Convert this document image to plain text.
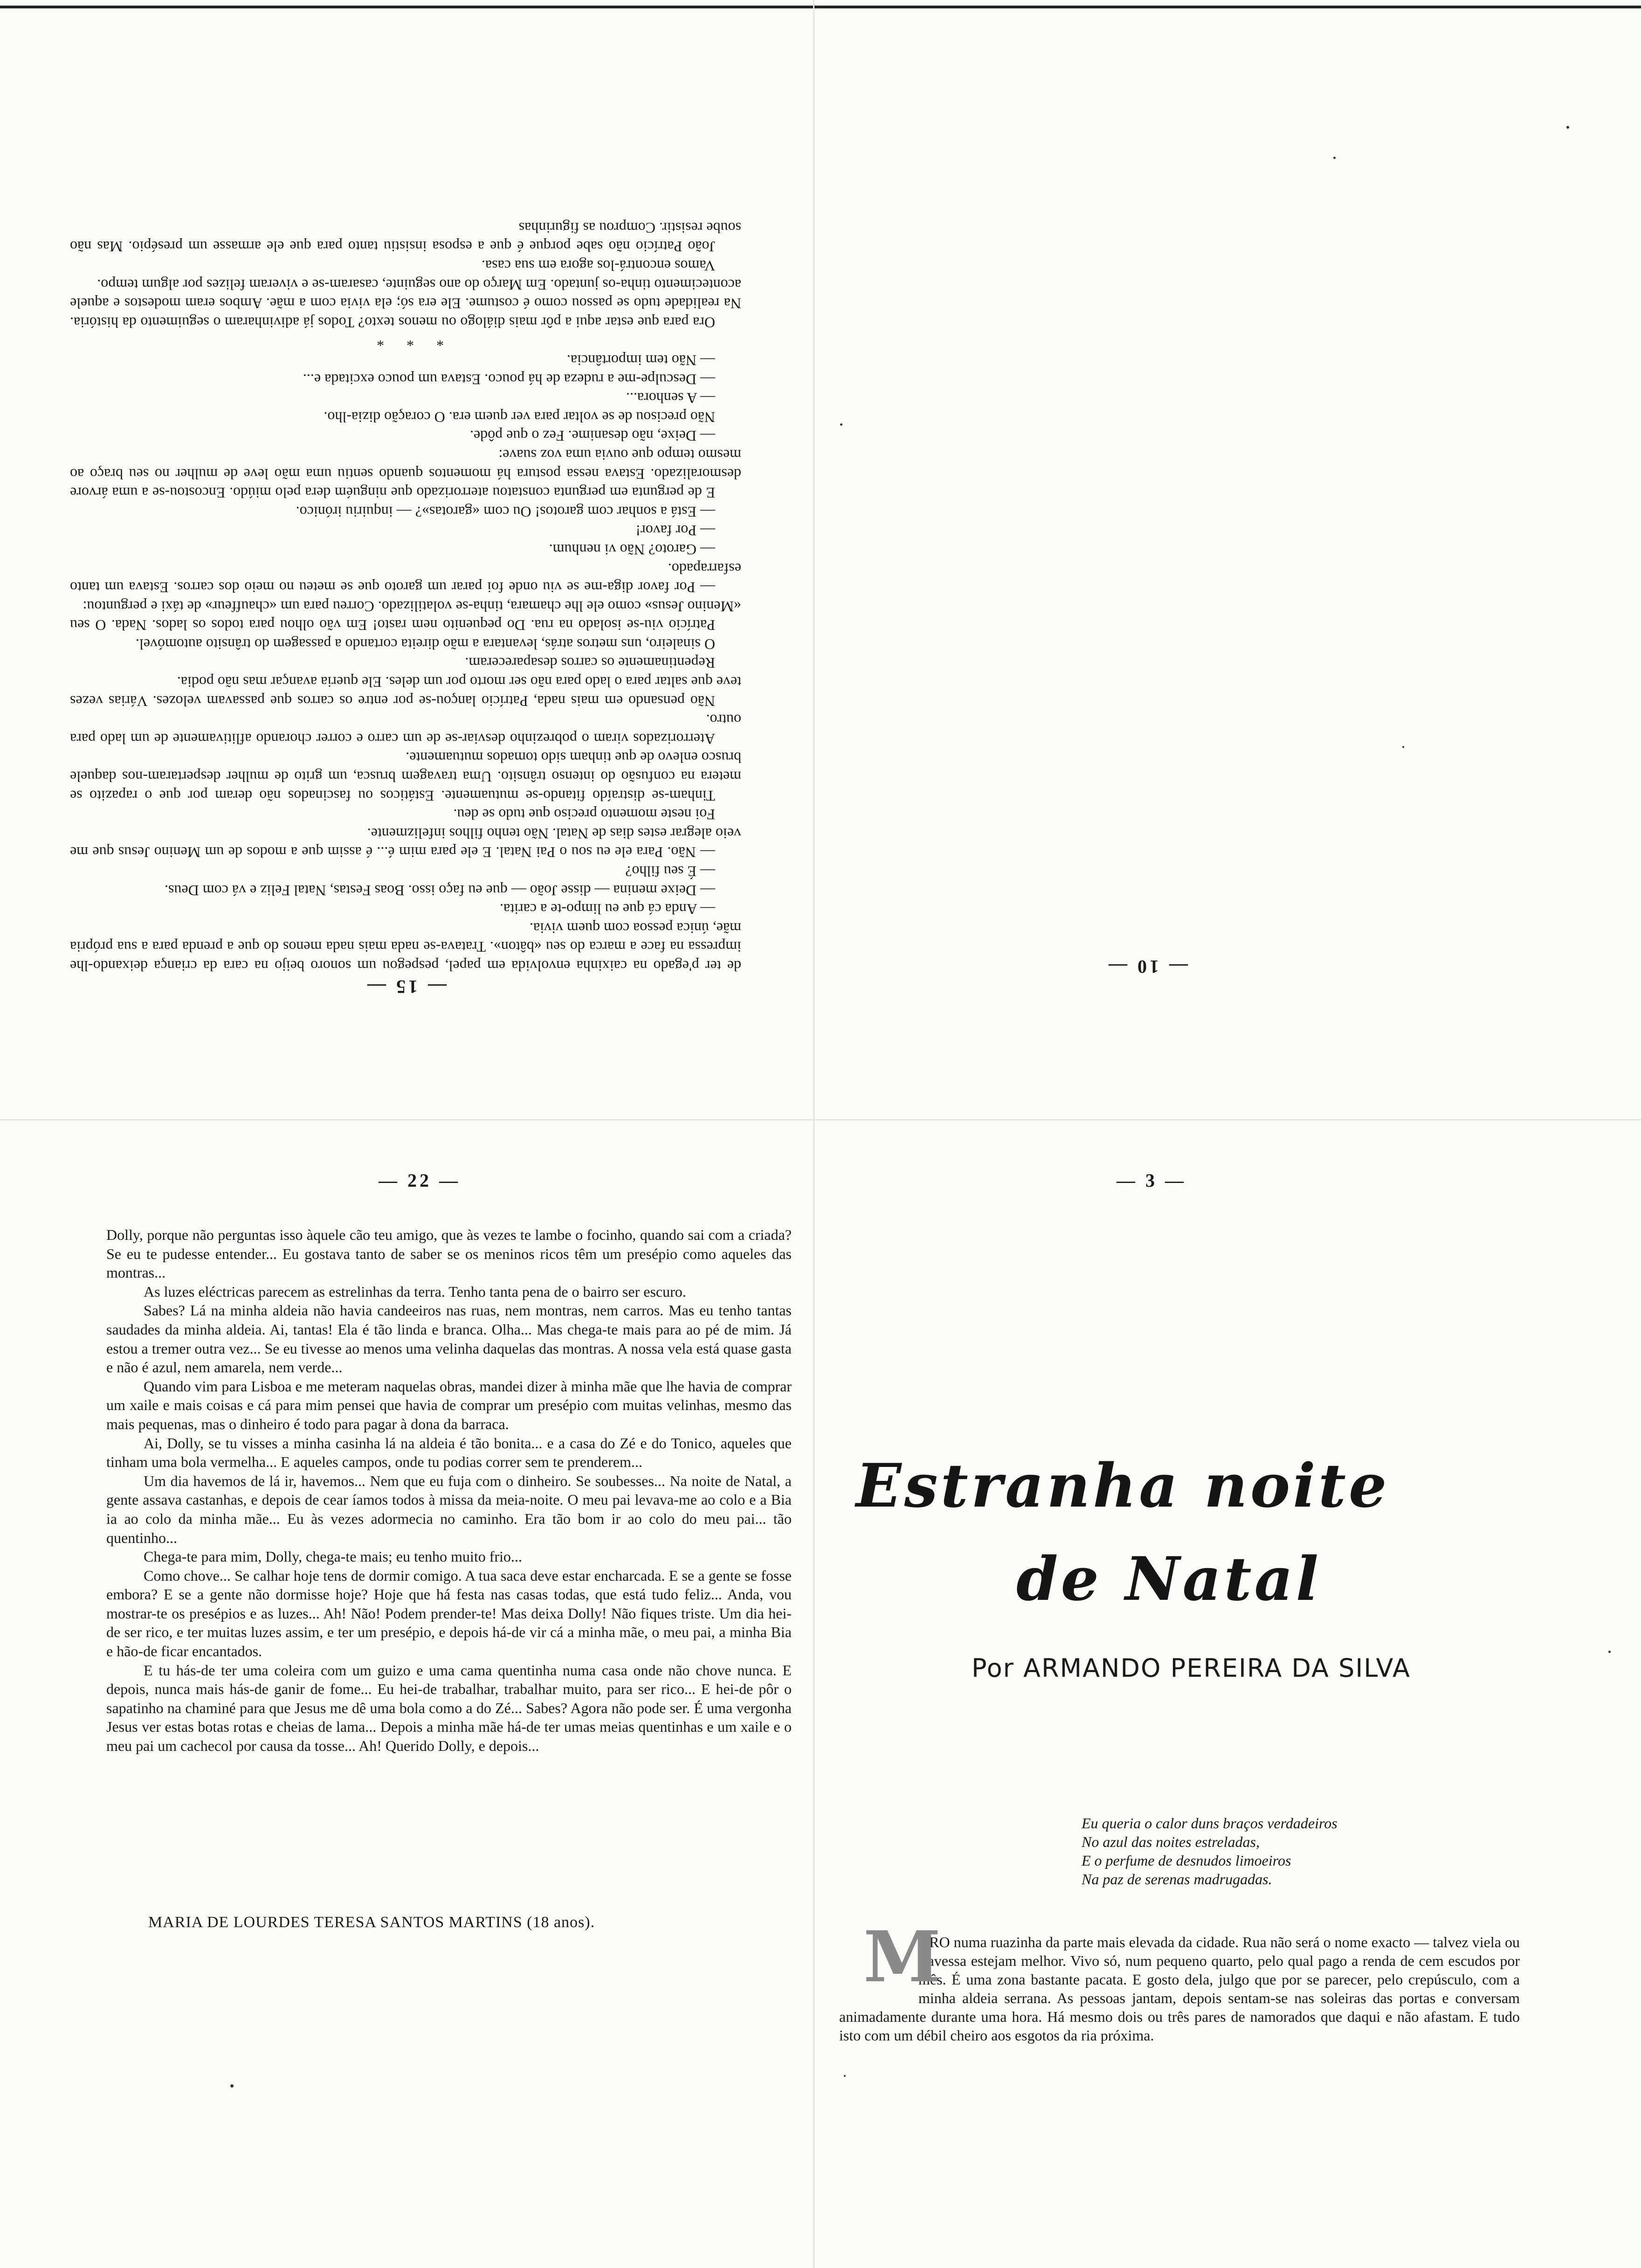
de ter p'egado na caixinha envolvida em papel, pespegou um sonoro beijo na cara da criança deixando-lhe impressa na face a marca do seu «bâton». Tratava-se nada mais nada menos do que a prenda para a sua própria mãe, única pessoa com quem vivia.

— Anda cá que eu limpo-te a carita.

— Deixe menina — disse João — que eu faço isso. Boas Festas, Natal Feliz e vá com Deus.

— É seu filho?

— Não. Para ele eu sou o Pai Natal. E ele para mim é... é assim que a modos de um Menino Jesus que me veio alegrar estes dias de Natal. Não tenho filhos infelizmente.

Foi neste momento preciso que tudo se deu.

Tinham-se distraído fitando-se mutuamente. Estáticos ou fascinados não deram por que o rapazito se metera na confusão do intenso trânsito. Uma travagem brusca, um grito de mulher despertaram-nos daquele brusco enlevo de que tinham sido tomados mutuamente.

Aterrorizados viram o pobrezinho desviar-se de um carro e correr chorando aflitivamente de um lado para outro.

Não pensando em mais nada, Patrício lançou-se por entre os carros que passavam velozes. Várias vezes teve que saltar para o lado para não ser morto por um deles. Ele queria avançar mas não podia.

Repentinamente os carros desapareceram.

O sinaleiro, uns metros atrás, levantara a mão direita cortando a passagem do trânsito automóvel.

Patrício viu-se isolado na rua. Do pequenito nem rasto! Em vão olhou para todos os lados. Nada. O seu «Menino Jesus» como ele lhe chamara, tinha-se volatilizado. Correu para um «chauffeur» de táxi e perguntou:

— Por favor diga-me se viu onde foi parar um garoto que se meteu no meio dos carros. Estava um tanto esfarrapado.

— Garoto? Não vi nenhum.

— Por favor!

— Está a sonhar com garotos! Ou com «garotas»? — inquiriu irónico.

E de pergunta em pergunta constatou aterrorizado que ninguém dera pelo miúdo. Encostou-se a uma árvore desmoralizado. Estava nessa postura há momentos quando sentiu uma mão leve de mulher no seu braço ao mesmo tempo que ouvia uma voz suave:

— Deixe, não desanime. Fez o que pôde.

Não precisou de se voltar para ver quem era. O coração dizia-lho.

— A senhora...

— Desculpe-me a rudeza de há pouco. Estava um pouco excitada e...

— Não tem importância.

* * *

Ora para que estar aqui a pôr mais diálogo ou menos texto? Todos já adivinharam o seguimento da história. Na realidade tudo se passou como é costume. Ele era só; ela vivia com a mãe. Ambos eram modestos e aquele acontecimento tinha-os juntado. Em Março do ano seguinte, casaram-se e viveram felizes por algum tempo.

Vamos encontrá-los agora em sua casa.

João Patrício não sabe porque é que a esposa insistiu tanto para que ele armasse um presépio. Mas não soube resistir. Comprou as figurinhas

— 15 —
— 10 —
— 22 —

Dolly, porque não perguntas isso àquele cão teu amigo, que às vezes te lambe o focinho, quando sai com a criada? Se eu te pudesse entender... Eu gostava tanto de saber se os meninos ricos têm um presépio como aqueles das montras...

As luzes eléctricas parecem as estrelinhas da terra. Tenho tanta pena de o bairro ser escuro.

Sabes? Lá na minha aldeia não havia candeeiros nas ruas, nem montras, nem carros. Mas eu tenho tantas saudades da minha aldeia. Ai, tantas! Ela é tão linda e branca. Olha... Mas chega-te mais para ao pé de mim. Já estou a tremer outra vez... Se eu tivesse ao menos uma velinha daquelas das montras. A nossa vela está quase gasta e não é azul, nem amarela, nem verde...

Quando vim para Lisboa e me meteram naquelas obras, mandei dizer à minha mãe que lhe havia de comprar um xaile e mais coisas e cá para mim pensei que havia de comprar um presépio com muitas velinhas, mesmo das mais pequenas, mas o dinheiro é todo para pagar à dona da barraca.

Ai, Dolly, se tu visses a minha casinha lá na aldeia é tão bonita... e a casa do Zé e do Tonico, aqueles que tinham uma bola vermelha... E aqueles campos, onde tu podias correr sem te prenderem...

Um dia havemos de lá ir, havemos... Nem que eu fuja com o dinheiro. Se soubesses... Na noite de Natal, a gente assava castanhas, e depois de cear íamos todos à missa da meia-noite. O meu pai levava-me ao colo e a Bia ia ao colo da minha mãe... Eu às vezes adormecia no caminho. Era tão bom ir ao colo do meu pai... tão quentinho...

Chega-te para mim, Dolly, chega-te mais; eu tenho muito frio...

Como chove... Se calhar hoje tens de dormir comigo. A tua saca deve estar encharcada. E se a gente se fosse embora? E se a gente não dormisse hoje? Hoje que há festa nas casas todas, que está tudo feliz... Anda, vou mostrar-te os presépios e as luzes... Ah! Não! Podem prender-te! Mas deixa Dolly! Não fiques triste. Um dia hei-de ser rico, e ter muitas luzes assim, e ter um presépio, e depois há-de vir cá a minha mãe, o meu pai, a minha Bia e hão-de ficar encantados.

E tu hás-de ter uma coleira com um guizo e uma cama quentinha numa casa onde não chove nunca. E depois, nunca mais hás-de ganir de fome... Eu hei-de trabalhar, trabalhar muito, para ser rico... E hei-de pôr o sapatinho na chaminé para que Jesus me dê uma bola como a do Zé... Sabes? Agora não pode ser. É uma vergonha Jesus ver estas botas rotas e cheias de lama... Depois a minha mãe há-de ter umas meias quentinhas e um xaile e o meu pai um cachecol por causa da tosse... Ah! Querido Dolly, e depois...

MARIA DE LOURDES TERESA SANTOS MARTINS (18 anos).
— 3 —
Estranha noite
de Natal
Por ARMANDO PEREIRA DA SILVA
Eu queria o calor duns braços verdadeiros
No azul das noites estreladas,
E o perfume de desnudos limoeiros
Na paz de serenas madrugadas.

ORO numa ruazinha da parte mais elevada da cidade. Rua não será o nome exacto — talvez viela ou travessa estejam melhor. Vivo só, num pequeno quarto, pelo qual pago a renda de cem escudos por mês. É uma zona bastante pacata. E gosto dela, julgo que por se parecer, pelo crepúsculo, com a minha aldeia serrana. As pessoas jantam, depois sentam-se nas soleiras das portas e conversam animadamente durante uma hora. Há mesmo dois ou três pares de namorados que daqui e não afastam. E tudo isto com um débil cheiro aos esgotos da ria próxima.

M
